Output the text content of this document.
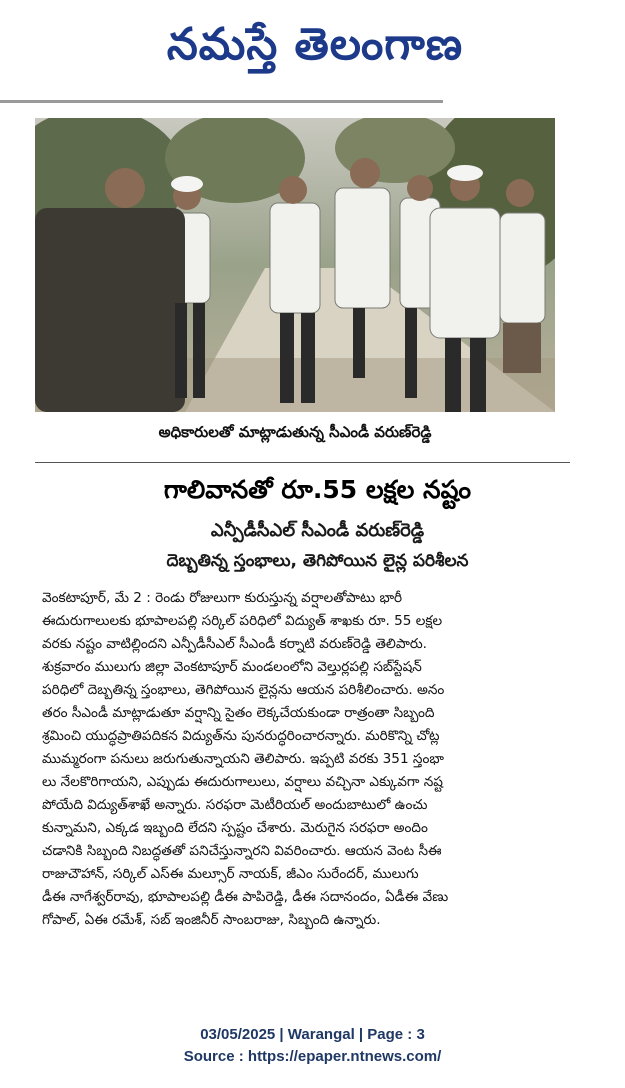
నమస్తే తెలంగాణ
అధికారులతో మాట్లాడుతున్న సీఎండీ వరుణ్‌రెడ్డి
గాలివానతో రూ.55 లక్షల నష్టం
ఎన్పీడీసీఎల్ సీఎండీ వరుణ్‌రెడ్డి
దెబ్బతిన్న స్తంభాలు, తెగిపోయిన లైన్ల పరిశీలన
వెంకటాపూర్, మే 2 : రెండు రోజులుగా కురుస్తున్న వర్షాలతోపాటు భారీ
ఈదురుగాలులకు భూపాలపల్లి సర్కిల్ పరిధిలో విద్యుత్ శాఖకు రూ. 55 లక్షల
వరకు నష్టం వాటిల్లిందని ఎన్పీడీసీఎల్ సీఎండీ కర్నాటి వరుణ్‌రెడ్డి తెలిపారు.
శుక్రవారం ములుగు జిల్లా వెంకటాపూర్ మండలంలోని వెల్తుర్లపల్లి సబ్‌స్టేషన్
పరిధిలో దెబ్బతిన్న స్తంభాలు, తెగిపోయిన లైన్లను ఆయన పరిశీలించారు. అనం
తరం సీఎండీ మాట్లాడుతూ వర్షాన్ని సైతం లెక్కచేయకుండా రాత్రంతా సిబ్బంది
శ్రమించి యుద్ధప్రాతిపదికన విద్యుత్‌ను పునరుద్ధరించారన్నారు. మరికొన్ని చోట్ల
ముమ్మరంగా పనులు జరుగుతున్నాయని తెలిపారు. ఇప్పటి వరకు 351 స్తంభా
లు నేలకొరిగాయని, ఎప్పుడు ఈదురుగాలులు, వర్షాలు వచ్చినా ఎక్కువగా నష్ట
పోయేది విద్యుత్‌శాఖే అన్నారు. సరఫరా మెటీరియల్ అందుబాటులో ఉంచు
కున్నామని, ఎక్కడ ఇబ్బంది లేదని స్పష్టం చేశారు. మెరుగైన సరఫరా అందిం
చడానికి సిబ్బంది నిబద్ధతతో పనిచేస్తున్నారని వివరించారు. ఆయన వెంట సీఈ
రాజుచౌహాన్, సర్కిల్ ఎస్ఈ మల్సూర్ నాయక్, జీఎం సురేందర్, ములుగు
డీఈ నాగేశ్వర్‌రావు, భూపాలపల్లి డీఈ పాపిరెడ్డి, డీఈ సదానందం, ఏడీఈ వేణు
గోపాల్, ఏఈ రమేశ్, సబ్ ఇంజినీర్ సాంబరాజు, సిబ్బంది ఉన్నారు.
03/05/2025 | Warangal | Page : 3
Source : https://epaper.ntnews.com/
